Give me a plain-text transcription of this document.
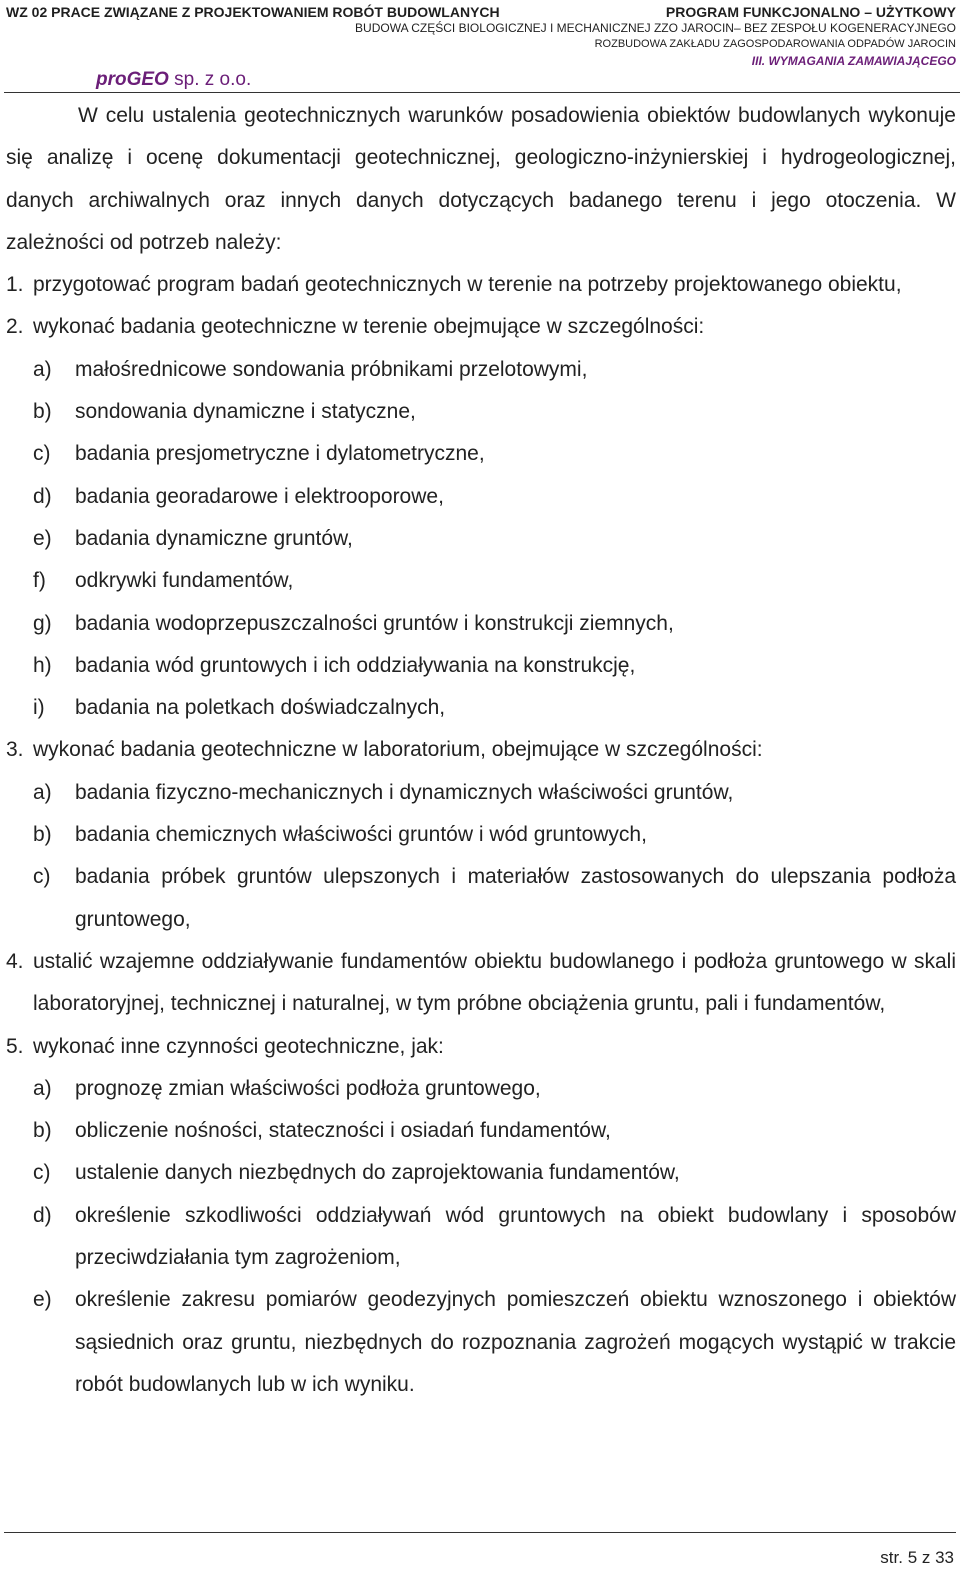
WZ 02 PRACE ZWIĄZANE Z PROJEKTOWANIEM ROBÓT BUDOWLANYCH	PROGRAM FUNKCJONALNO – UŻYTKOWY
BUDOWA CZĘŚCI BIOLOGICZNEJ I MECHANICZNEJ ZZO JAROCIN– BEZ ZESPOŁU KOGENERACYJNEGO
ROZBUDOWA ZAKŁADU ZAGOSPODAROWANIA ODPADÓW JAROCIN
III. WYMAGANIA ZAMAWIAJĄCEGO
proGEO sp. z o.o.

W celu ustalenia geotechnicznych warunków posadowienia obiektów budowlanych wykonuje się analizę i ocenę dokumentacji geotechnicznej, geologiczno-inżynierskiej i hydrogeologicznej, danych archiwalnych oraz innych danych dotyczących badanego terenu i jego otoczenia. W zależności od potrzeb należy:

1. przygotować program badań geotechnicznych w terenie na potrzeby projektowanego obiektu,
2. wykonać badania geotechniczne w terenie obejmujące w szczególności:
a)	małośrednicowe sondowania próbnikami przelotowymi,
b)	sondowania dynamiczne i statyczne,
c)	badania presjometryczne i dylatometryczne,
d)	badania georadarowe i elektrooporowe,
e)	badania dynamiczne gruntów,
f)	odkrywki fundamentów,
g)	badania wodoprzepuszczalności gruntów i konstrukcji ziemnych,
h)	badania wód gruntowych i ich oddziaływania na konstrukcję,
i)	badania na poletkach doświadczalnych,
3. wykonać badania geotechniczne w laboratorium, obejmujące w szczególności:
a)	badania fizyczno-mechanicznych i dynamicznych właściwości gruntów,
b)	badania chemicznych właściwości gruntów i wód gruntowych,
c)	badania próbek gruntów ulepszonych i materiałów zastosowanych do ulepszania podłoża gruntowego,
4. ustalić wzajemne oddziaływanie fundamentów obiektu budowlanego i podłoża gruntowego w skali laboratoryjnej, technicznej i naturalnej, w tym próbne obciążenia gruntu, pali i fundamentów,
5. wykonać inne czynności geotechniczne, jak:
a)	prognozę zmian właściwości podłoża gruntowego,
b)	obliczenie nośności, stateczności i osiadań fundamentów,
c)	ustalenie danych niezbędnych do zaprojektowania fundamentów,
d)	określenie szkodliwości oddziaływań wód gruntowych na obiekt budowlany i sposobów przeciwdziałania tym zagrożeniom,
e)	określenie zakresu pomiarów geodezyjnych pomieszczeń obiektu wznoszonego i obiektów sąsiednich oraz gruntu, niezbędnych do rozpoznania zagrożeń mogących wystąpić w trakcie robót budowlanych lub w ich wyniku.
str. 5 z 33
